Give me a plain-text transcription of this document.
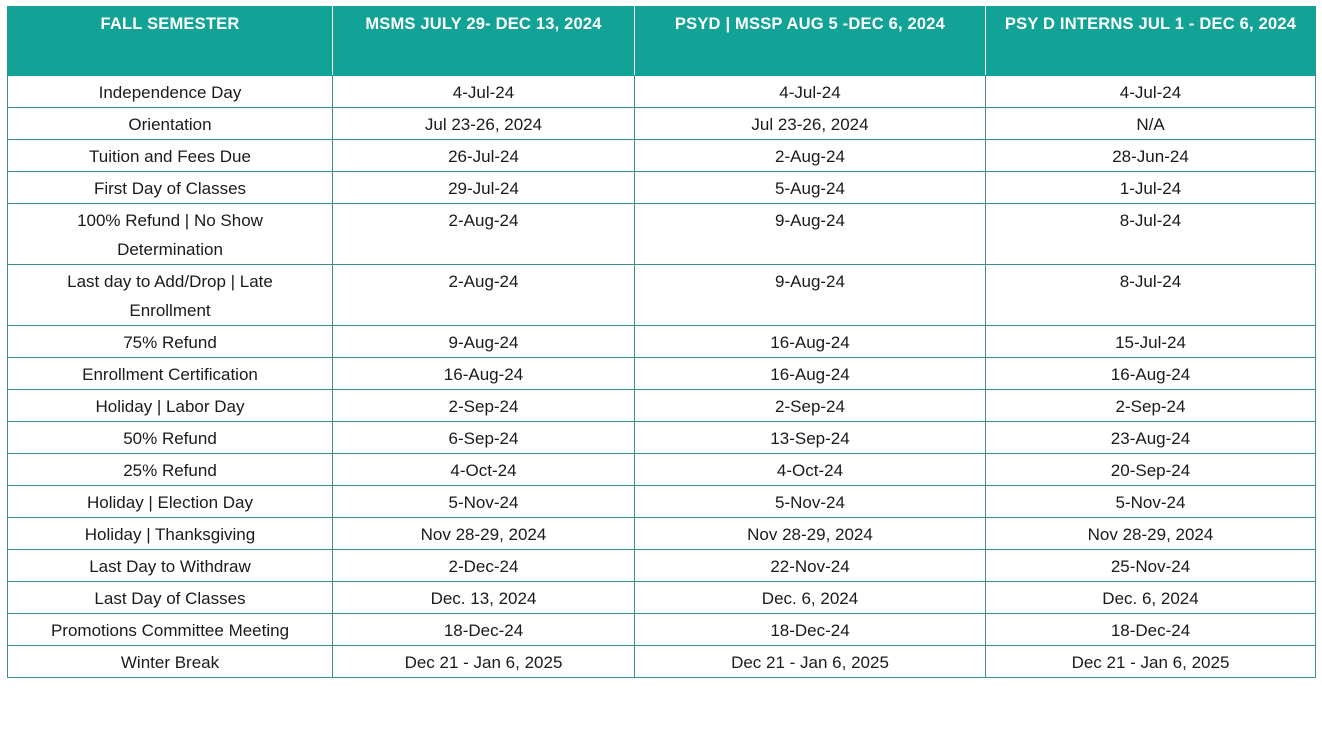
FALL SEMESTER	MSMS JULY 29- DEC 13, 2024	PSYD | MSSP AUG 5 -DEC 6, 2024	PSY D INTERNS JUL 1 - DEC 6, 2024
Independence Day	4-Jul-24	4-Jul-24	4-Jul-24
Orientation	Jul 23-26, 2024	Jul 23-26, 2024	N/A
Tuition and Fees Due	26-Jul-24	2-Aug-24	28-Jun-24
First Day of Classes	29-Jul-24	5-Aug-24	1-Jul-24
100% Refund | No Show Determination	2-Aug-24	9-Aug-24	8-Jul-24
Last day to Add/Drop | Late Enrollment	2-Aug-24	9-Aug-24	8-Jul-24
75% Refund	9-Aug-24	16-Aug-24	15-Jul-24
Enrollment Certification	16-Aug-24	16-Aug-24	16-Aug-24
Holiday | Labor Day	2-Sep-24	2-Sep-24	2-Sep-24
50% Refund	6-Sep-24	13-Sep-24	23-Aug-24
25% Refund	4-Oct-24	4-Oct-24	20-Sep-24
Holiday | Election Day	5-Nov-24	5-Nov-24	5-Nov-24
Holiday | Thanksgiving	Nov 28-29, 2024	Nov 28-29, 2024	Nov 28-29, 2024
Last Day to Withdraw	2-Dec-24	22-Nov-24	25-Nov-24
Last Day of Classes	Dec. 13, 2024	Dec. 6, 2024	Dec. 6, 2024
Promotions Committee Meeting	18-Dec-24	18-Dec-24	18-Dec-24
Winter Break	Dec 21 - Jan 6, 2025	Dec 21 - Jan 6, 2025	Dec 21 - Jan 6, 2025
